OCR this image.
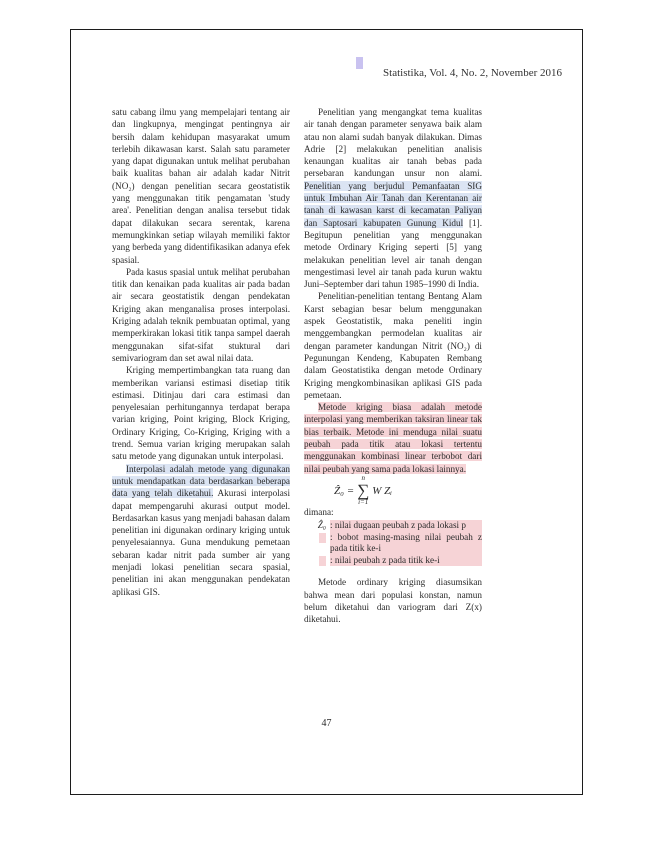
Statistika, Vol. 4, No. 2, November 2016

satu cabang ilmu yang mempelajari tentang air dan lingkupnya, mengingat pentingnya air bersih dalam kehidupan masyarakat umum terlebih dikawasan karst. Salah satu parameter yang dapat digunakan untuk melihat perubahan baik kualitas bahan air adalah kadar Nitrit (NO₂) dengan penelitian secara geostatistik yang menggunakan titik pengamatan 'study area'. Penelitian dengan analisa tersebut tidak dapat dilakukan secara serentak, karena memungkinkan setiap wilayah memiliki faktor yang berbeda yang didentifikasikan adanya efek spasial.

Pada kasus spasial untuk melihat perubahan titik dan kenaikan pada kualitas air pada badan air secara geostatistik dengan pendekatan Kriging akan menganalisa proses interpolasi. Kriging adalah teknik pembuatan optimal, yang memperkirakan lokasi titik tanpa sampel daerah menggunakan sifat-sifat stuktural dari semivariogram dan set awal nilai data.

Kriging mempertimbangkan tata ruang dan memberikan variansi estimasi disetiap titik estimasi. Ditinjau dari cara estimasi dan penyelesaian perhitungannya terdapat berapa varian kriging, Point kriging, Block Kriging, Ordinary Kriging, Co-Kriging, Kriging with a trend. Semua varian kriging merupakan salah satu metode yang digunakan untuk interpolasi.

Interpolasi adalah metode yang digunakan untuk mendapatkan data berdasarkan beberapa data yang telah diketahui. Akurasi interpolasi dapat mempengaruhi akurasi output model. Berdasarkan kasus yang menjadi bahasan dalam penelitian ini digunakan ordinary kriging untuk penyelesaiannya. Guna mendukung pemetaan sebaran kadar nitrit pada sumber air yang menjadi lokasi penelitian secara spasial, penelitian ini akan menggunakan pendekatan aplikasi GIS.

Penelitian yang mengangkat tema kualitas air tanah dengan parameter senyawa baik alam atau non alami sudah banyak dilakukan. Dimas Adrie [2] melakukan penelitian analisis kenaungan kualitas air tanah bebas pada persebaran kandungan unsur non alami. Penelitian yang berjudul Pemanfaatan SIG untuk Imbuhan Air Tanah dan Kerentanan air tanah di kawasan karst di kecamatan Paliyan dan Saptosari kabupaten Gunung Kidul [1]. Begitupun penelitian yang menggunakan metode Ordinary Kriging seperti [5] yang melakukan penelitian level air tanah dengan mengestimasi level air tanah pada kurun waktu Juni–September dari tahun 1985–1990 di India.

Penelitian-penelitian tentang Bentang Alam Karst sebagian besar belum menggunakan aspek Geostatistik, maka peneliti ingin menggembangkan permodelan kualitas air dengan parameter kandungan Nitrit (NO₂) di Pegunungan Kendeng, Kabupaten Rembang dalam Geostatistika dengan metode Ordinary Kriging mengkombinasikan aplikasi GIS pada pemetaan.

Metode kriging biasa adalah metode interpolasi yang memberikan taksiran linear tak bias terbaik. Metode ini menduga nilai suatu peubah pada titik atau lokasi tertentu menggunakan kombinasi linear terbobot dari nilai peubah yang sama pada lokasi lainnya.

Ẑ₀ =
n
∑
i=1
W Zᵢ

dimana:

Ẑ₀ : nilai dugaan peubah z pada lokasi p
: bobot masing-masing nilai peubah z pada titik ke-i
: nilai peubah z pada titik ke-i

Metode ordinary kriging diasumsikan bahwa mean dari populasi konstan, namun belum diketahui dan variogram dari Z(x) diketahui.

47
